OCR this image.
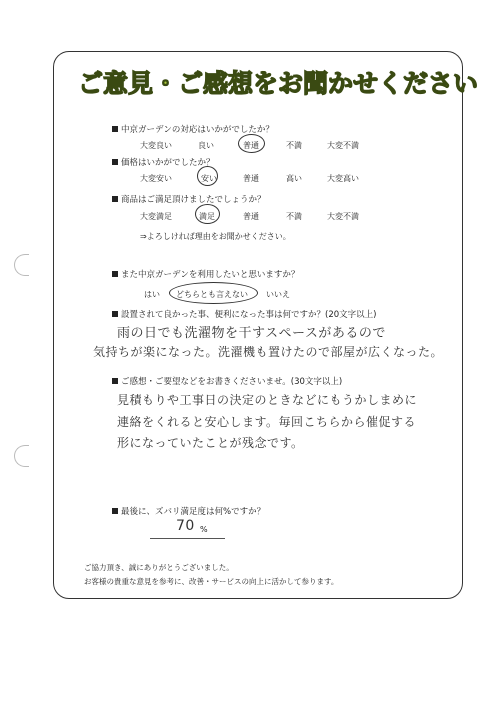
ご意見・ご感想をお聞かせください
中京ガーデンの対応はいかがでしたか？
大変良い	良い	普通	不満	大変不満
価格はいかがでしたか？
大変安い	安い	普通	高い	大変高い
商品はご満足頂けましたでしょうか？
大変満足	満足	普通	不満	大変不満
⇒よろしければ理由をお聞かせください。
また中京ガーデンを利用したいと思いますか？
はい どちらとも言えない いいえ
設置されて良かった事、便利になった事は何ですか？(20文字以上)
雨の日でも洗濯物を干すスペースがあるので
気持ちが楽になった。洗濯機も置けたので部屋が広くなった。
ご感想・ご要望などをお書きくださいませ。(30文字以上)
見積もりや工事日の決定のときなどにもうかしまめに
連絡をくれると安心します。毎回こちらから催促する
形になっていたことが残念です。
最後に、ズバリ満足度は何%ですか？
70 %
ご協力頂き、誠にありがとうございました。
お客様の貴重な意見を参考に、改善・サービスの向上に活かして参ります。
